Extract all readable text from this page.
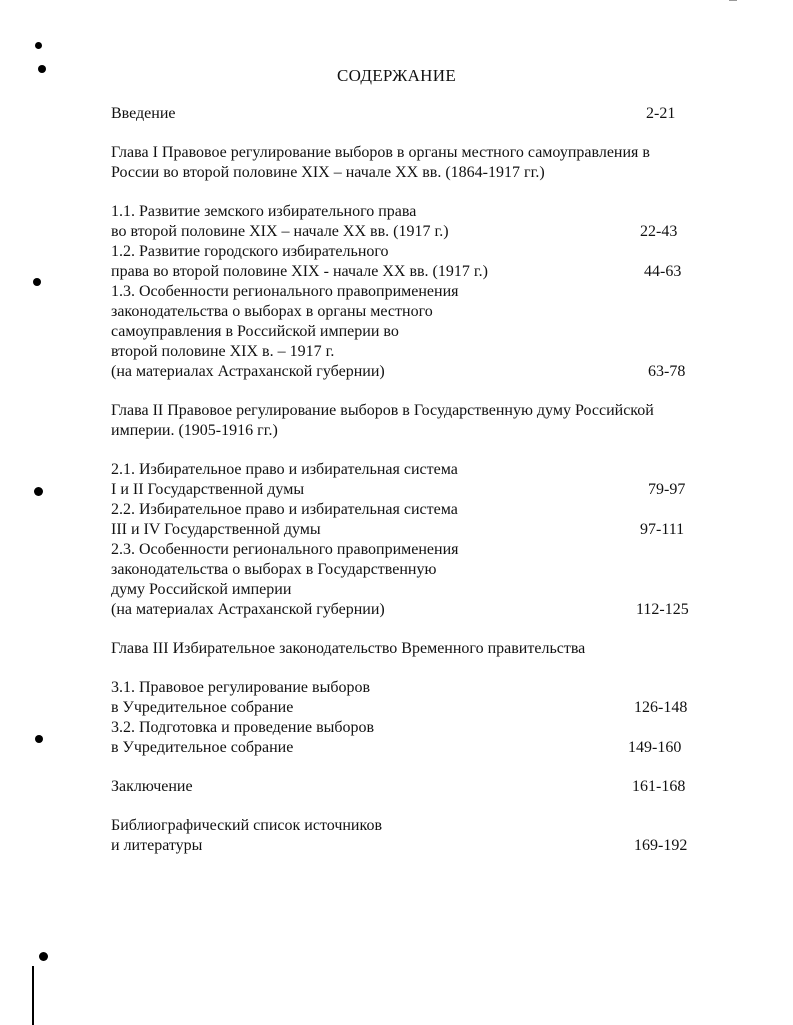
СОДЕРЖАНИЕ
Введение	2-21
Глава I Правовое регулирование выборов в органы местного самоуправления в
России во второй половине XIX – начале XX вв. (1864-1917 гг.)
1.1. Развитие земского избирательного права
во второй половине XIX – начале XX вв. (1917 г.)	22-43
1.2. Развитие городского избирательного
права во второй половине XIX - начале XX вв. (1917 г.)	44-63
1.3. Особенности регионального правоприменения
законодательства о выборах в органы местного
самоуправления в Российской империи во
второй половине XIX в. – 1917 г.
(на материалах Астраханской губернии)	63-78
Глава II Правовое регулирование выборов в Государственную думу Российской
империи. (1905-1916 гг.)
2.1. Избирательное право и избирательная система
I и II Государственной думы	79-97
2.2. Избирательное право и избирательная система
III и IV Государственной думы	97-111
2.3. Особенности регионального правоприменения
законодательства о выборах в Государственную
думу Российской империи
(на материалах Астраханской губернии)	112-125
Глава III Избирательное законодательство Временного правительства
3.1. Правовое регулирование выборов
в Учредительное собрание	126-148
3.2. Подготовка и проведение выборов
в Учредительное собрание	149-160
Заключение	161-168
Библиографический список источников
и литературы	169-192
